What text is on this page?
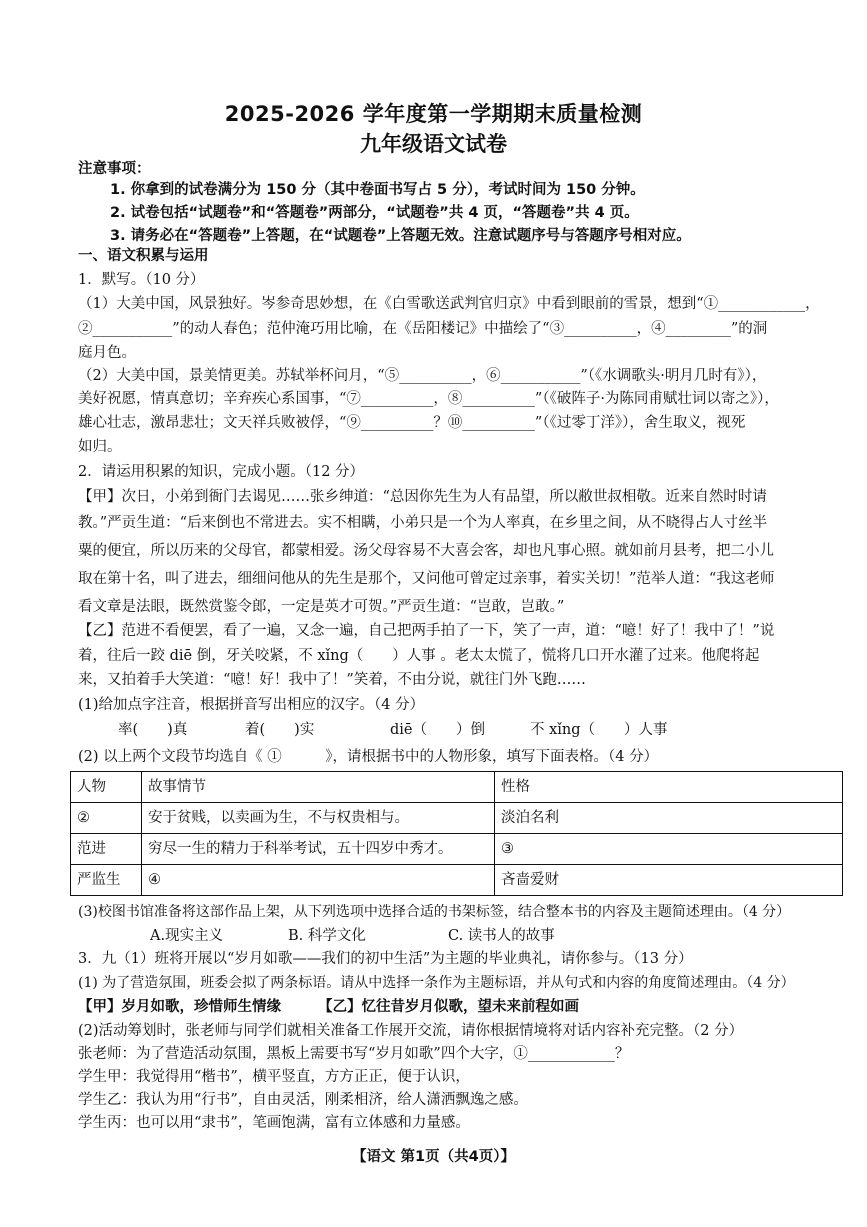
2025-2026 学年度第一学期期末质量检测
九年级语文试卷
注意事项：
1. 你拿到的试卷满分为 150 分（其中卷面书写占 5 分），考试时间为 150 分钟。
2. 试卷包括“试题卷”和“答题卷”两部分，“试题卷”共 4 页，“答题卷”共 4 页。
3. 请务必在“答题卷”上答题，在“试题卷”上答题无效。注意试题序号与答题序号相对应。
一、语文积累与运用
1．默写。（10 分）
（1）大美中国，风景独好。岑参奇思妙想，在《白雪歌送武判官归京》中看到眼前的雪景，想到“①____________，
②___________”的动人春色；范仲淹巧用比喻，在《岳阳楼记》中描绘了“③__________，④_________”的洞
庭月色。
（2）大美中国，景美情更美。苏轼举杯问月，“⑤__________，⑥___________”（《水调歌头·明月几时有》），
美好祝愿，情真意切；辛弃疾心系国事，“⑦__________，⑧__________”（《破阵子·为陈同甫赋壮词以寄之》），
雄心壮志，激昂悲壮；文天祥兵败被俘，“⑨__________？⑩__________”（《过零丁洋》），舍生取义，视死
如归。
2．请运用积累的知识，完成小题。（12 分）
【甲】次日，小弟到衙门去谒见……张乡绅道：“总因你先生为人有品望，所以敝世叔相敬。近来自然时时请
教。”严贡生道：“后来倒也不常进去。实不相瞒，小弟只是一个为人率真，在乡里之间，从不晓得占人寸丝半
粟的便宜，所以历来的父母官，都蒙相爱。汤父母容易不大喜会客，却也凡事心照。就如前月县考，把二小儿
取在第十名，叫了进去，细细问他从的先生是那个，又问他可曾定过亲事，着实关切！”范举人道：“我这老师
看文章是法眼，既然赏鉴令郎，一定是英才可贺。”严贡生道：“岂敢，岂敢。”
【乙】范进不看便罢，看了一遍，又念一遍，自己把两手拍了一下，笑了一声，道：“噫！好了！我中了！”说
着，往后一跤 diē 倒，牙关咬紧，不 xǐng（　　）人事 。老太太慌了，慌将几口开水灌了过来。他爬将起
来，又拍着手大笑道：“噫！好！我中了！”笑着，不由分说，就往门外飞跑……
(1)给加点字注音，根据拼音写出相应的汉字。（4 分）
率(　　)真	着(　　)实	diē（　　）倒	不 xǐng（　　）人事
(2) 以上两个文段节均选自《 ①　　　》，请根据书中的人物形象，填写下面表格。（4 分）
人物	故事情节	性格
②	安于贫贱，以卖画为生，不与权贵相与。	淡泊名利
范进	穷尽一生的精力于科举考试，五十四岁中秀才。	③
严监生	④	吝啬爱财
(3)校图书馆准备将这部作品上架，从下列选项中选择合适的书架标签，结合整本书的内容及主题简述理由。（4 分）
A.现实主义	B. 科学文化	C. 读书人的故事
3．九（1）班将开展以“岁月如歌——我们的初中生活”为主题的毕业典礼，请你参与。（13 分）
(1) 为了营造氛围，班委会拟了两条标语。请从中选择一条作为主题标语，并从句式和内容的角度简述理由。（4 分）
【甲】岁月如歌，珍惜师生情缘	【乙】忆往昔岁月似歌，望未来前程如画
(2)活动筹划时，张老师与同学们就相关准备工作展开交流，请你根据情境将对话内容补充完整。（2 分）
张老师：为了营造活动氛围，黑板上需要书写“岁月如歌”四个大字，①____________？
学生甲：我觉得用“楷书”，横平竖直，方方正正，便于认识，
学生乙：我认为用“行书”，自由灵活，刚柔相济，给人潇洒飘逸之感。
学生丙：也可以用“隶书”，笔画饱满，富有立体感和力量感。
【语文 第1页（共4页）】
